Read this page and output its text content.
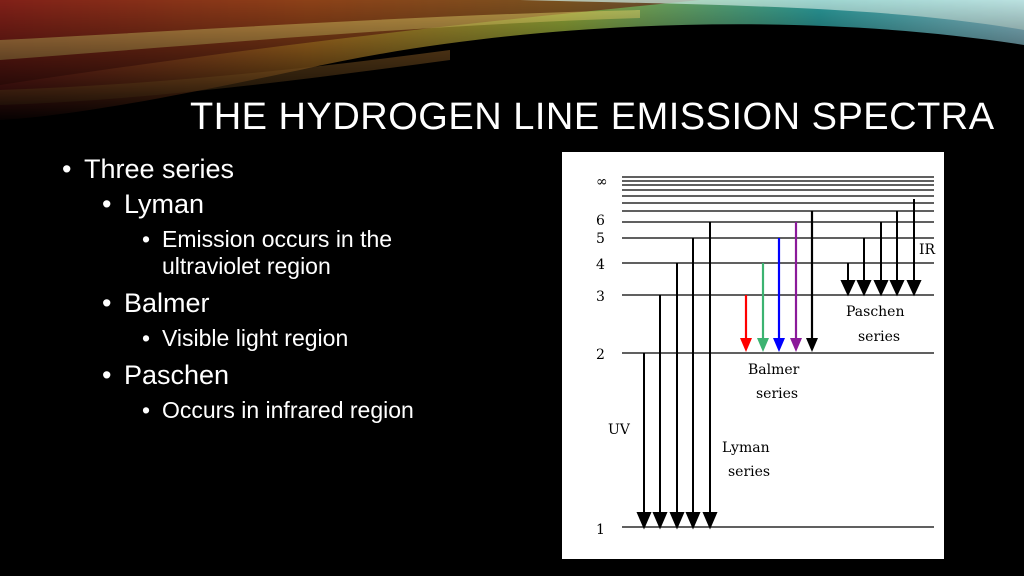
THE HYDROGEN LINE EMISSION SPECTRA
• Three series
• Lyman
• Emission occurs in the ultraviolet region
• Balmer
• Visible light region
• Paschen
• Occurs in infrared region
∞
6
5
4
3
2
1
IR
UV
Paschen
series
Balmer
series
Lyman
series
